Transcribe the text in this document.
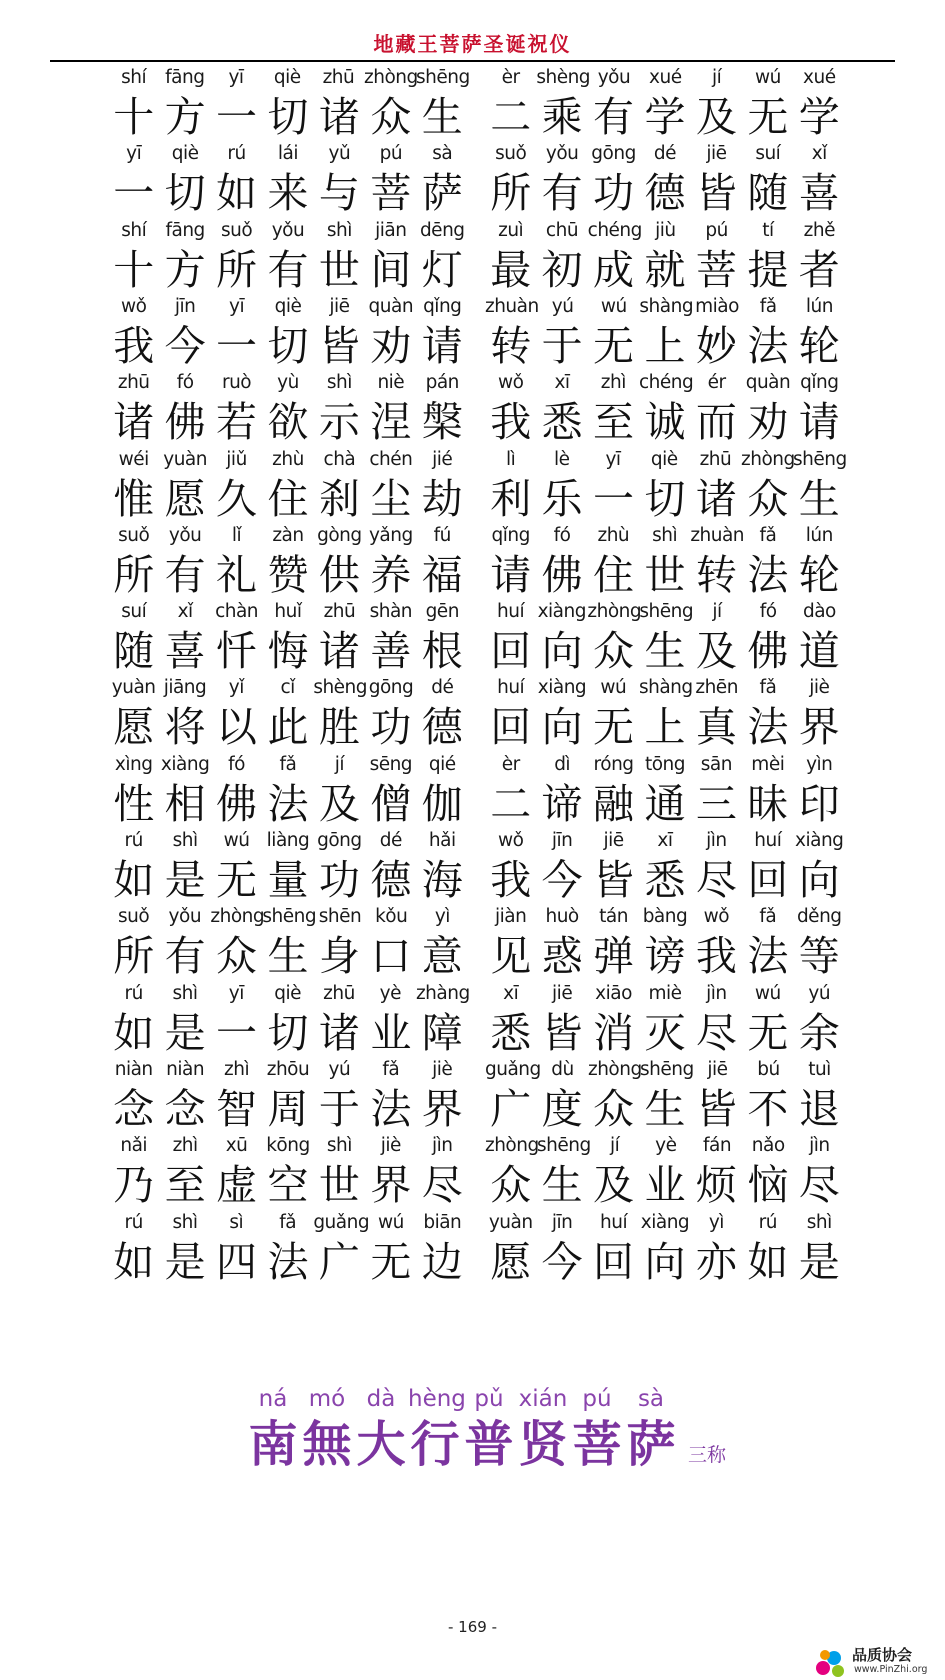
地藏王菩萨圣诞祝仪
shí	fāng	yī	qiè	zhū zhòng
shēng
十 方 一 切 诸 众 生
yī	qiè	rú	lái	yǔ	pú	sà
一 切 如 来 与 菩 萨
shí	fāng suǒ	yǒu	shì	jiān dēng
十 方 所 有 世 间 灯
wǒ	jīn	yī	qiè	jiē	quàn qǐng
我 今 一 切 皆 劝 请
zhū	fó	ruò	yù	shì	niè	pán
诸 佛 若 欲 示 涅 槃
wéi yuàn	jiǔ	zhù	chà chén	jié
惟 愿 久 住 刹 尘 劫
suǒ	yǒu	lǐ	zàn gòng yǎng	fú
所 有 礼 赞 供 养 福
suí	xǐ	chàn huǐ	zhū shàn gēn
随 喜 忏 悔 诸 善 根
yuàn jiāng	yǐ	cǐ	shèng gōng dé
愿 将 以 此 胜 功 德
xìng xiàng	fó	fǎ	jí	sēng qié
性 相 佛 法 及 僧 伽
rú	shì	wú liàng gōng dé	hǎi
如 是 无 量 功 德 海
suǒ	yǒu zhòng
shēng shēn kǒu	yì
所 有 众 生 身 口 意
rú	shì	yī	qiè	zhū	yè zhàng
如 是 一 切 诸 业 障
niàn niàn	zhì zhōu	yú	fǎ	jiè
念 念 智 周 于 法 界
nǎi	zhì	xū	kōng shì	jiè	jìn
乃 至 虚 空 世 界 尽
rú	shì	sì	fǎ guǎng wú	biān
如 是 四 法 广 无 边
èr shèng yǒu	xué	jí	wú	xué
二 乘 有 学 及 无 学
suǒ	yǒu gōng dé	jiē	suí	xǐ
所 有 功 德 皆 随 喜
zuì	chū chéng jiù	pú	tí	zhě
最 初 成 就 菩 提 者
zhuàn yú	wú shàng miào	fǎ	lún
转 于 无 上 妙 法 轮
wǒ	xī	zhì chéng ér	quàn qǐng
我 悉 至 诚 而 劝 请
lì	lè	yī	qiè	zhū zhòng
shēng
利 乐 一 切 诸 众 生
qǐng	fó	zhù	shì zhuàn fǎ	lún
请 佛 住 世 转 法 轮
huí xiàng zhòng
shēng	jí	fó	dào
回 向 众 生 及 佛 道
huí xiàng wú shàng zhēn	fǎ	jiè
回 向 无 上 真 法 界
èr	dì	róng tōng sān	mèi	yìn
二 谛 融 通 三 昧 印
wǒ	jīn	jiē	xī	jìn	huí xiàng
我 今 皆 悉 尽 回 向
jiàn	huò	tán bàng wǒ	fǎ	děng
见 惑 弹 谤 我 法 等
xī	jiē	xiāo miè	jìn	wú	yú
悉 皆 消 灭 尽 无 余
guǎng dù zhòng
shēng jiē	bú	tuì
广 度 众 生 皆 不 退
zhòng
shēng	jí	yè	fán	nǎo	jìn
众 生 及 业 烦 恼 尽
yuàn	jīn	huí xiàng	yì	rú	shì
愿 今 回 向 亦 如 是
ná mó dà hèng pǔ xián pú	sà
南 無 大 行 普 贤 菩 萨 三称
- 169 -
品质协会
www.PinZhi.org
